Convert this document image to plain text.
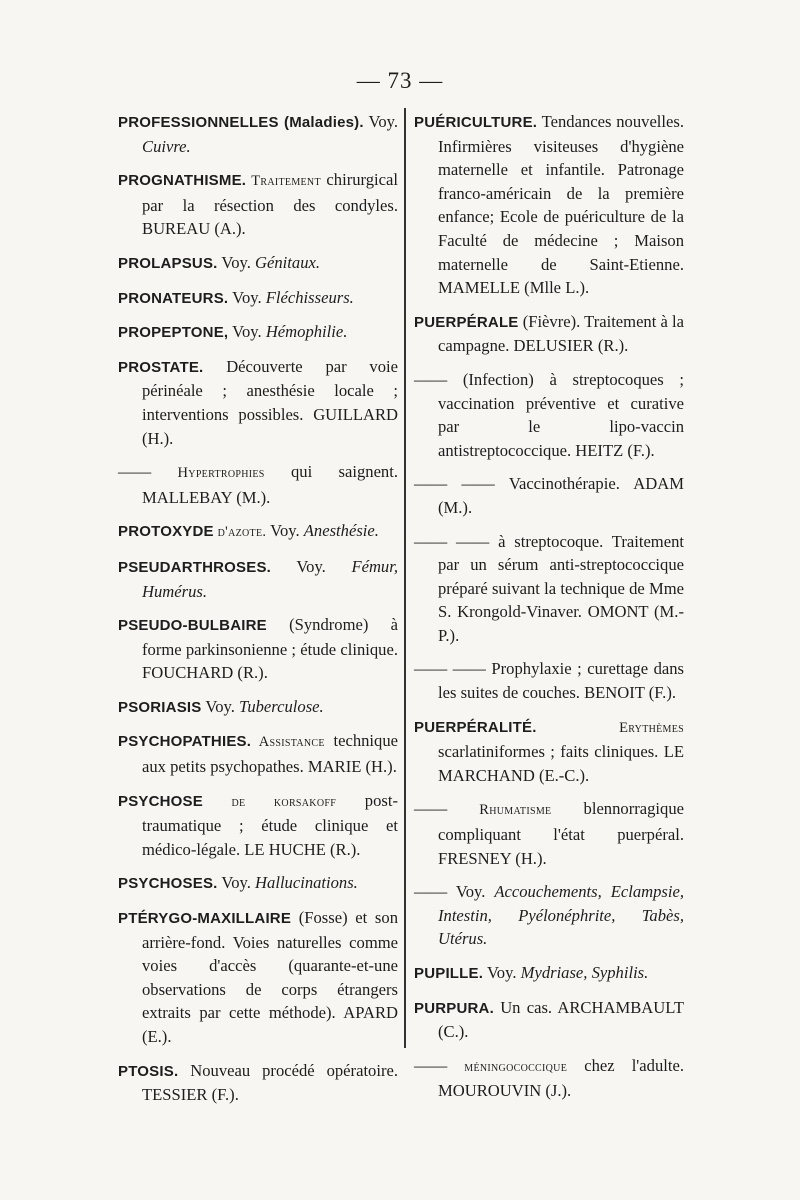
— 73 —

PROFESSIONNELLES (Maladies). Voy. Cuivre.

PROGNATHISME. Traitement chirurgical par la résection des condyles. BUREAU (A.).

PROLAPSUS. Voy. Génitaux.

PRONATEURS. Voy. Fléchisseurs.

PROPEPTONE, Voy. Hémophilie.

PROSTATE. Découverte par voie périnéale ; anesthésie locale ; interventions possibles. GUILLARD (H.).

—— Hypertrophies qui saignent. MALLEBAY (M.).

PROTOXYDE d'azote. Voy. Anesthésie.

PSEUDARTHROSES. Voy. Fémur, Humérus.

PSEUDO-BULBAIRE (Syndrome) à forme parkinsonienne ; étude clinique. FOUCHARD (R.).

PSORIASIS Voy. Tuberculose.

PSYCHOPATHIES. Assistance technique aux petits psychopathes. MARIE (H.).

PSYCHOSE de korsakoff post-traumatique ; étude clinique et médico-légale. LE HUCHE (R.).

PSYCHOSES. Voy. Hallucinations.

PTÉRYGO-MAXILLAIRE (Fosse) et son arrière-fond. Voies naturelles comme voies d'accès (quarante-et-une observations de corps étrangers extraits par cette méthode). APARD (E.).

PTOSIS. Nouveau procédé opératoire. TESSIER (F.).

PUÉRICULTURE. Tendances nouvelles. Infirmières visiteuses d'hygiène maternelle et infantile. Patronage franco-américain de la première enfance; Ecole de puériculture de la Faculté de médecine ; Maison maternelle de Saint-Etienne. MAMELLE (Mlle L.).

PUERPÉRALE (Fièvre). Traitement à la campagne. DELUSIER (R.).

—— (Infection) à streptocoques ; vaccination préventive et curative par le lipo-vaccin antistreptococcique. HEITZ (F.).

—— —— Vaccinothérapie. ADAM (M.).

—— —— à streptocoque. Traitement par un sérum anti-streptococcique préparé suivant la technique de Mme S. Krongold-Vinaver. OMONT (M.-P.).

—— —— Prophylaxie ; curettage dans les suites de couches. BENOIT (F.).

PUERPÉRALITÉ. Erythèmes scarlatiniformes ; faits cliniques. LE MARCHAND (E.-C.).

—— Rhumatisme blennorragique compliquant l'état puerpéral. FRESNEY (H.).

—— Voy. Accouchements, Eclampsie, Intestin, Pyélonéphrite, Tabès, Utérus.

PUPILLE. Voy. Mydriase, Syphilis.

PURPURA. Un cas. ARCHAMBAULT (C.).

—— méningococcique chez l'adulte. MOUROUVIN (J.).
